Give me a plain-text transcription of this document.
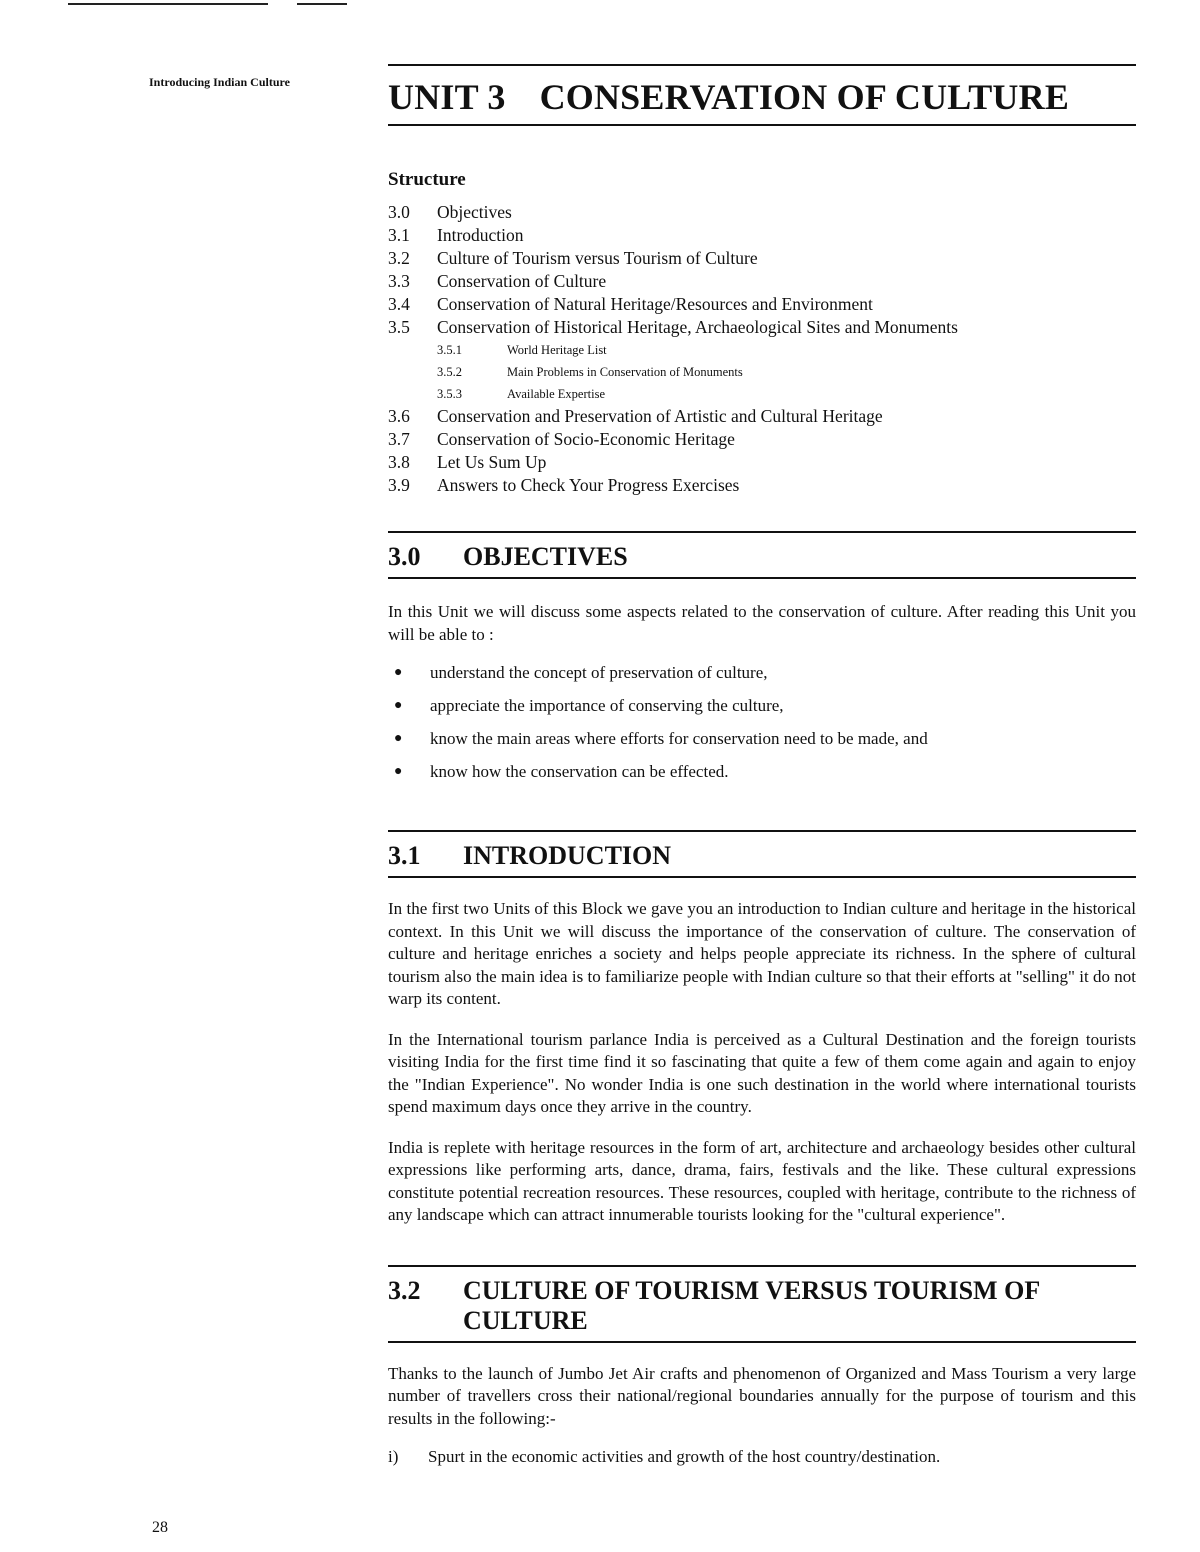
Introducing Indian Culture	UNIT 3 CONSERVATION OF CULTURE
Structure
3.0	Objectives
3.1	Introduction
3.2	Culture of Tourism versus Tourism of Culture
3.3	Conservation of Culture
3.4	Conservation of Natural Heritage/Resources and Environment
3.5	Conservation of Historical Heritage, Archaeological Sites and Monuments
3.5.1	World Heritage List
3.5.2	Main Problems in Conservation of Monuments
3.5.3	Available Expertise
3.6	Conservation and Preservation of Artistic and Cultural Heritage
3.7	Conservation of Socio-Economic Heritage
3.8	Let Us Sum Up
3.9	Answers to Check Your Progress Exercises
3.0	OBJECTIVES
In this Unit we will discuss some aspects related to the conservation of culture. After reading this Unit you will be able to :
●	understand the concept of preservation of culture,
●	appreciate the importance of conserving the culture,
●	know the main areas where efforts for conservation need to be made, and
●	know how the conservation can be effected.
3.1	INTRODUCTION
In the first two Units of this Block we gave you an introduction to Indian culture and heritage in the historical context. In this Unit we will discuss the importance of the conservation of culture. The conservation of culture and heritage enriches a society and helps people appreciate its richness. In the sphere of cultural tourism also the main idea is to familiarize people with Indian culture so that their efforts at "selling" it do not warp its content.
In the International tourism parlance India is perceived as a Cultural Destination and the foreign tourists visiting India for the first time find it so fascinating that quite a few of them come again and again to enjoy the "Indian Experience". No wonder India is one such destination in the world where international tourists spend maximum days once they arrive in the country.
India is replete with heritage resources in the form of art, architecture and archaeology besides other cultural expressions like performing arts, dance, drama, fairs, festivals and the like. These cultural expressions constitute potential recreation resources. These resources, coupled with heritage, contribute to the richness of any landscape which can attract innumerable tourists looking for the "cultural experience".
3.2	CULTURE OF TOURISM VERSUS TOURISM OF CULTURE
Thanks to the launch of Jumbo Jet Air crafts and phenomenon of Organized and Mass Tourism a very large number of travellers cross their national/regional boundaries annually for the purpose of tourism and this results in the following:-
i)	Spurt in the economic activities and growth of the host country/destination.
28
